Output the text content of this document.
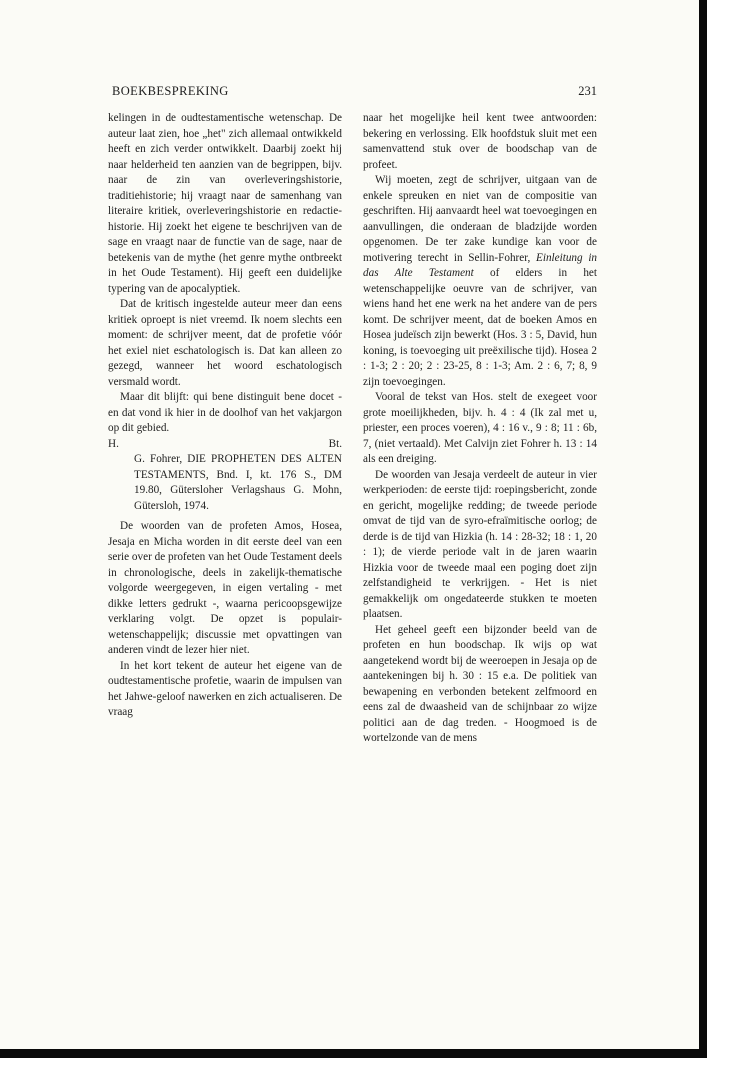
BOEKBESPREKING	231

kelingen in de oudtestamentische wetenschap. De auteur laat zien, hoe „het" zich allemaal ontwikkeld heeft en zich verder ontwikkelt. Daarbij zoekt hij naar helderheid ten aanzien van de begrippen, bijv. naar de zin van overleveringshistorie, traditiehistorie; hij vraagt naar de samenhang van literaire kritiek, overleveringshistorie en redactie-historie. Hij zoekt het eigene te beschrijven van de sage en vraagt naar de functie van de sage, naar de betekenis van de mythe (het genre mythe ontbreekt in het Oude Testament). Hij geeft een duidelijke typering van de apocalyptiek.

Dat de kritisch ingestelde auteur meer dan eens kritiek oproept is niet vreemd. Ik noem slechts een moment: de schrijver meent, dat de profetie vóór het exiel niet eschatologisch is. Dat kan alleen zo gezegd, wanneer het woord eschatologisch versmald wordt.

Maar dit blijft: qui bene distinguit bene docet - en dat vond ik hier in de doolhof van het vakjargon op dit gebied.

H.	Bt.

G. Fohrer, DIE PROPHETEN DES ALTEN TESTAMENTS, Bnd. I, kt. 176 S., DM 19.80, Gütersloher Verlagshaus G. Mohn, Gütersloh, 1974.

De woorden van de profeten Amos, Hosea, Jesaja en Micha worden in dit eerste deel van een serie over de profeten van het Oude Testament deels in chronologische, deels in zakelijk-thematische volgorde weergegeven, in eigen vertaling - met dikke letters gedrukt -, waarna pericoopsgewijze verklaring volgt. De opzet is populair-wetenschappelijk; discussie met opvattingen van anderen vindt de lezer hier niet.

In het kort tekent de auteur het eigene van de oudtestamentische profetie, waarin de impulsen van het Jahwe-geloof nawerken en zich actualiseren. De vraag

naar het mogelijke heil kent twee antwoorden: bekering en verlossing. Elk hoofdstuk sluit met een samenvattend stuk over de boodschap van de profeet.

Wij moeten, zegt de schrijver, uitgaan van de enkele spreuken en niet van de compositie van geschriften. Hij aanvaardt heel wat toevoegingen en aanvullingen, die onderaan de bladzijde worden opgenomen. De ter zake kundige kan voor de motivering terecht in Sellin-Fohrer, Einleitung in das Alte Testament of elders in het wetenschappelijke oeuvre van de schrijver, van wiens hand het ene werk na het andere van de pers komt. De schrijver meent, dat de boeken Amos en Hosea judeïsch zijn bewerkt (Hos. 3 : 5, David, hun koning, is toevoeging uit preëxilische tijd). Hosea 2 : 1-3; 2 : 20; 2 : 23-25, 8 : 1-3; Am. 2 : 6, 7; 8, 9 zijn toevoegingen.

Vooral de tekst van Hos. stelt de exegeet voor grote moeilijkheden, bijv. h. 4 : 4 (Ik zal met u, priester, een proces voeren), 4 : 16 v., 9 : 8; 11 : 6b, 7, (niet vertaald). Met Calvijn ziet Fohrer h. 13 : 14 als een dreiging.

De woorden van Jesaja verdeelt de auteur in vier werkperioden: de eerste tijd: roepingsbericht, zonde en gericht, mogelijke redding; de tweede periode omvat de tijd van de syro-efraïmitische oorlog; de derde is de tijd van Hizkia (h. 14 : 28-32; 18 : 1, 20 : 1); de vierde periode valt in de jaren waarin Hizkia voor de tweede maal een poging doet zijn zelfstandigheid te verkrijgen. - Het is niet gemakkelijk om ongedateerde stukken te moeten plaatsen.

Het geheel geeft een bijzonder beeld van de profeten en hun boodschap. Ik wijs op wat aangetekend wordt bij de weeroepen in Jesaja op de aantekeningen bij h. 30 : 15 e.a. De politiek van bewapening en verbonden betekent zelfmoord en eens zal de dwaasheid van de schijnbaar zo wijze politici aan de dag treden. - Hoogmoed is de wortelzonde van de mens
